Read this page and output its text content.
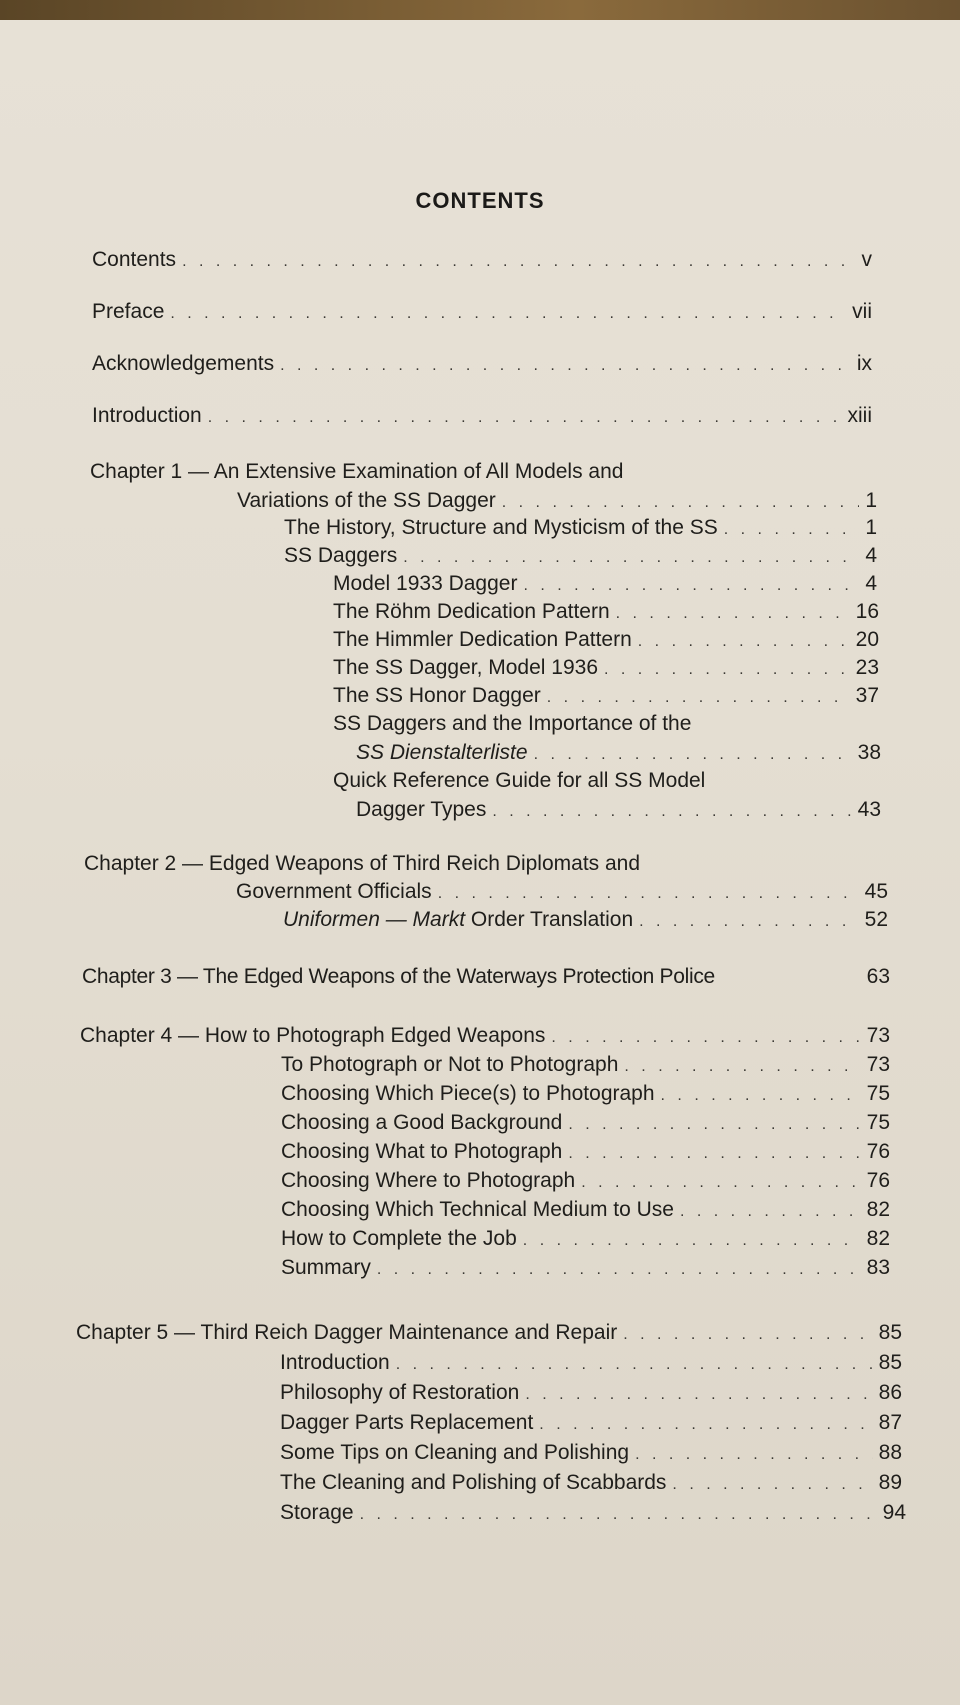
CONTENTS
Contents . . .	v
Preface . . .	vii
Acknowledgements . . .	ix
Introduction . . .	xiii
Chapter 1 — An Extensive Examination of All Models and
Variations of the SS Dagger . . .	1
The History, Structure and Mysticism of the SS . . .	1
SS Daggers . . .	4
Model 1933 Dagger . . .	4
The Röhm Dedication Pattern . . .	16
The Himmler Dedication Pattern . . .	20
The SS Dagger, Model 1936 . . .	23
The SS Honor Dagger . . .	37
SS Daggers and the Importance of the
SS Dienstalterliste . . .	38
Quick Reference Guide for all SS Model
Dagger Types . . .	43
Chapter 2 — Edged Weapons of Third Reich Diplomats and
Government Officials . . .	45
Uniformen — Markt Order Translation . . .	52
Chapter 3 — The Edged Weapons of the Waterways Protection Police	63
Chapter 4 — How to Photograph Edged Weapons . . .	73
To Photograph or Not to Photograph . . .	73
Choosing Which Piece(s) to Photograph . . .	75
Choosing a Good Background . . .	75
Choosing What to Photograph . . .	76
Choosing Where to Photograph . . .	76
Choosing Which Technical Medium to Use . . .	82
How to Complete the Job . . .	82
Summary . . .	83
Chapter 5 — Third Reich Dagger Maintenance and Repair . . .	85
Introduction . . .	85
Philosophy of Restoration . . .	86
Dagger Parts Replacement . . .	87
Some Tips on Cleaning and Polishing . . .	88
The Cleaning and Polishing of Scabbards . . .	89
Storage . . .	94
